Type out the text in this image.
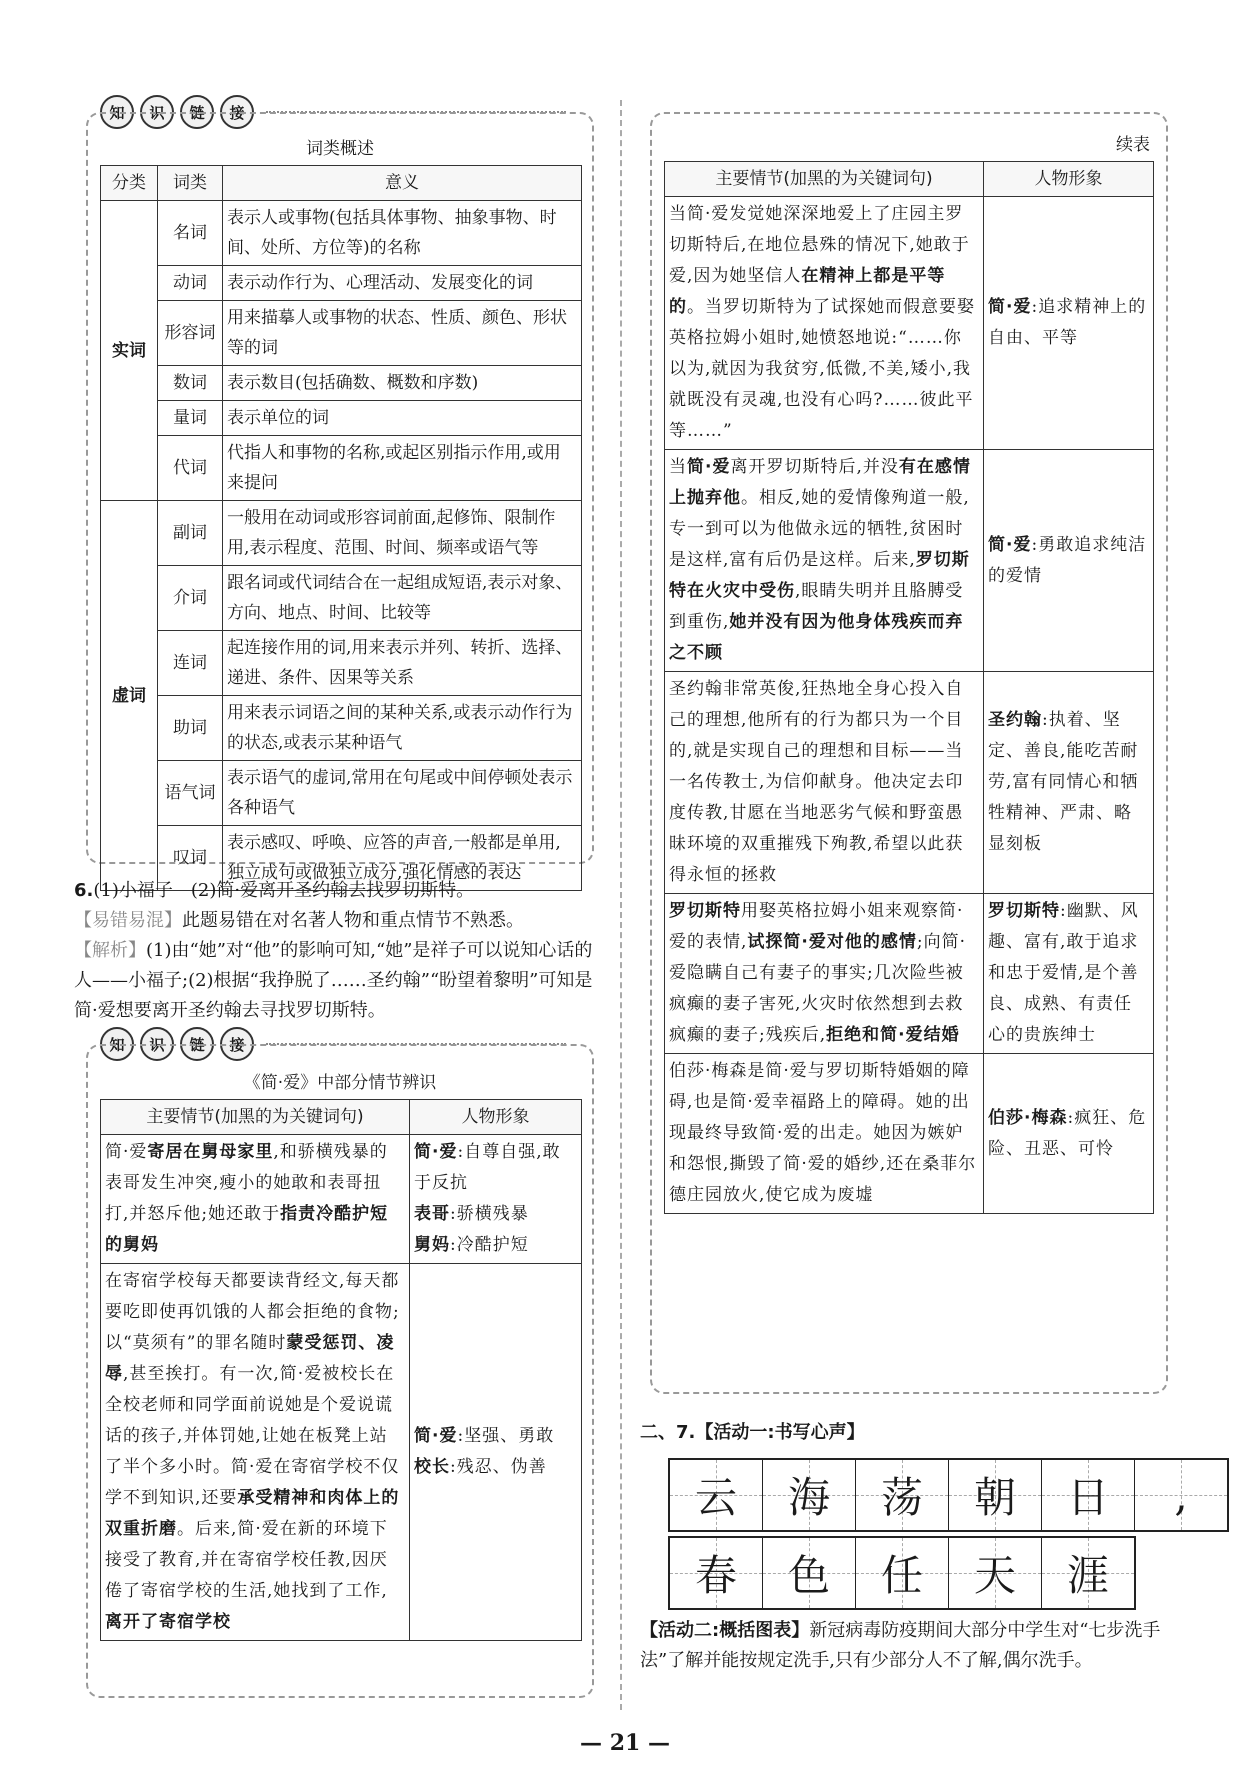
知	识	链	接
词类概述
分类	词类	意义
实词	名词	表示人或事物(包括具体事物、抽象事物、时间、处所、方位等)的名称
	动词	表示动作行为、心理活动、发展变化的词
	形容词	用来描摹人或事物的状态、性质、颜色、形状等的词
	数词	表示数目(包括确数、概数和序数)
	量词	表示单位的词
	代词	代指人和事物的名称,或起区别指示作用,或用来提问
虚词	副词	一般用在动词或形容词前面,起修饰、限制作用,表示程度、范围、时间、频率或语气等
	介词	跟名词或代词结合在一起组成短语,表示对象、方向、地点、时间、比较等
	连词	起连接作用的词,用来表示并列、转折、选择、递进、条件、因果等关系
	助词	用来表示词语之间的某种关系,或表示动作行为的状态,或表示某种语气
	语气词	表示语气的虚词,常用在句尾或中间停顿处表示各种语气
	叹词	表示感叹、呼唤、应答的声音,一般都是单用,独立成句或做独立成分,强化情感的表达
6.(1)小福子　(2)简·爱离开圣约翰去找罗切斯特。
【易错易混】此题易错在对名著人物和重点情节不熟悉。
【解析】(1)由“她”对“他”的影响可知,“她”是祥子可以说知心话的人——小福子;(2)根据“我挣脱了……圣约翰”“盼望着黎明”可知是简·爱想要离开圣约翰去寻找罗切斯特。
知	识	链	接
《简·爱》中部分情节辨识
主要情节(加黑的为关键词句)	人物形象
简·爱寄居在舅母家里,和骄横残暴的表哥发生冲突,瘦小的她敢和表哥扭打,并怒斥他;她还敢于指责冷酷护短的舅妈	简·爱:自尊自强,敢于反抗
表哥:骄横残暴
舅妈:冷酷护短
在寄宿学校每天都要读背经文,每天都要吃即使再饥饿的人都会拒绝的食物;以“莫须有”的罪名随时蒙受惩罚、凌辱,甚至挨打。有一次,简·爱被校长在全校老师和同学面前说她是个爱说谎话的孩子,并体罚她,让她在板凳上站了半个多小时。简·爱在寄宿学校不仅学不到知识,还要承受精神和肉体上的双重折磨。后来,简·爱在新的环境下接受了教育,并在寄宿学校任教,因厌倦了寄宿学校的生活,她找到了工作,离开了寄宿学校	简·爱:坚强、勇敢
校长:残忍、伪善
续表
主要情节(加黑的为关键词句)	人物形象
当简·爱发觉她深深地爱上了庄园主罗切斯特后,在地位悬殊的情况下,她敢于爱,因为她坚信人在精神上都是平等的。当罗切斯特为了试探她而假意要娶英格拉姆小姐时,她愤怒地说:“……你以为,就因为我贫穷,低微,不美,矮小,我就既没有灵魂,也没有心吗?……彼此平等……”	简·爱:追求精神上的自由、平等
当简·爱离开罗切斯特后,并没有在感情上抛弃他。相反,她的爱情像殉道一般,专一到可以为他做永远的牺牲,贫困时是这样,富有后仍是这样。后来,罗切斯特在火灾中受伤,眼睛失明并且胳膊受到重伤,她并没有因为他身体残疾而弃之不顾	简·爱:勇敢追求纯洁的爱情
圣约翰非常英俊,狂热地全身心投入自己的理想,他所有的行为都只为一个目的,就是实现自己的理想和目标——当一名传教士,为信仰献身。他决定去印度传教,甘愿在当地恶劣气候和野蛮愚昧环境的双重摧残下殉教,希望以此获得永恒的拯救	圣约翰:执着、坚定、善良,能吃苦耐劳,富有同情心和牺牲精神、严肃、略显刻板
罗切斯特用娶英格拉姆小姐来观察简·爱的表情,试探简·爱对他的感情;向简·爱隐瞒自己有妻子的事实;几次险些被疯癫的妻子害死,火灾时依然想到去救疯癫的妻子;残疾后,拒绝和简·爱结婚	罗切斯特:幽默、风趣、富有,敢于追求和忠于爱情,是个善良、成熟、有责任心的贵族绅士
伯莎·梅森是简·爱与罗切斯特婚姻的障碍,也是简·爱幸福路上的障碍。她的出现最终导致简·爱的出走。她因为嫉妒和怨恨,撕毁了简·爱的婚纱,还在桑菲尔德庄园放火,使它成为废墟	伯莎·梅森:疯狂、危险、丑恶、可怜
二、7.【活动一:书写心声】
云 海 荡 朝 日 ,
春 色 任 天 涯
【活动二:概括图表】新冠病毒防疫期间大部分中学生对“七步洗手法”了解并能按规定洗手,只有少部分人不了解,偶尔洗手。
— 21 —
